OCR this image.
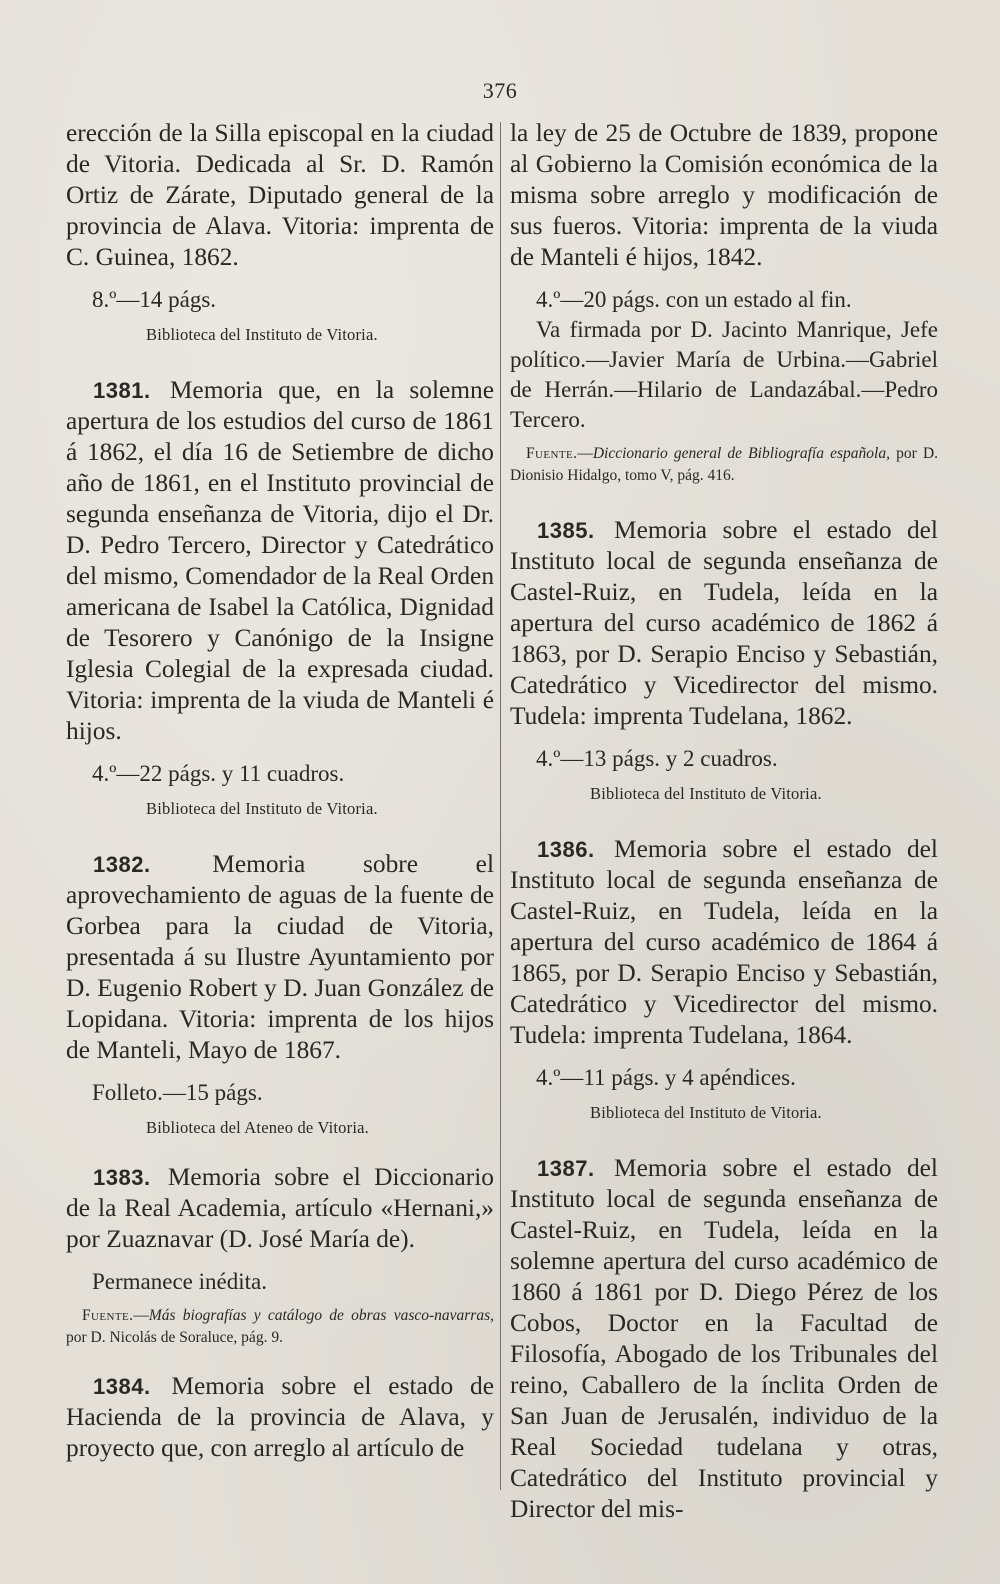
376

erección de la Silla episcopal en la ciudad de Vitoria. Dedicada al Sr. D. Ramón Ortiz de Zárate, Diputado general de la provincia de Alava. Vitoria: imprenta de C. Guinea, 1862.

8.º—14 págs.
Biblioteca del Instituto de Vitoria.

1381. Memoria que, en la solemne apertura de los estudios del curso de 1861 á 1862, el día 16 de Setiembre de dicho año de 1861, en el Instituto provincial de segunda enseñanza de Vitoria, dijo el Dr. D. Pedro Tercero, Director y Catedrático del mismo, Comendador de la Real Orden americana de Isabel la Católica, Dignidad de Tesorero y Canónigo de la Insigne Iglesia Colegial de la expresada ciudad. Vitoria: imprenta de la viuda de Manteli é hijos.

4.º—22 págs. y 11 cuadros.
Biblioteca del Instituto de Vitoria.

1382. Memoria sobre el aprovechamiento de aguas de la fuente de Gorbea para la ciudad de Vitoria, presentada á su Ilustre Ayuntamiento por D. Eugenio Robert y D. Juan González de Lopidana. Vitoria: imprenta de los hijos de Manteli, Mayo de 1867.

Folleto.—15 págs.
Biblioteca del Ateneo de Vitoria.

1383. Memoria sobre el Diccionario de la Real Academia, artículo «Hernani,» por Zuaznavar (D. José María de).

Permanece inédita.
Fuente.—Más biografías y catálogo de obras vasco-navarras, por D. Nicolás de Soraluce, pág. 9.

1384. Memoria sobre el estado de Hacienda de la provincia de Alava, y proyecto que, con arreglo al artículo de

la ley de 25 de Octubre de 1839, propone al Gobierno la Comisión económica de la misma sobre arreglo y modificación de sus fueros. Vitoria: imprenta de la viuda de Manteli é hijos, 1842.

4.º—20 págs. con un estado al fin.
Va firmada por D. Jacinto Manrique, Jefe político.—Javier María de Urbina.—Gabriel de Herrán.—Hilario de Landazábal.—Pedro Tercero.
Fuente.—Diccionario general de Bibliografía española, por D. Dionisio Hidalgo, tomo V, pág. 416.

1385. Memoria sobre el estado del Instituto local de segunda enseñanza de Castel-Ruiz, en Tudela, leída en la apertura del curso académico de 1862 á 1863, por D. Serapio Enciso y Sebastián, Catedrático y Vicedirector del mismo. Tudela: imprenta Tudelana, 1862.

4.º—13 págs. y 2 cuadros.
Biblioteca del Instituto de Vitoria.

1386. Memoria sobre el estado del Instituto local de segunda enseñanza de Castel-Ruiz, en Tudela, leída en la apertura del curso académico de 1864 á 1865, por D. Serapio Enciso y Sebastián, Catedrático y Vicedirector del mismo. Tudela: imprenta Tudelana, 1864.

4.º—11 págs. y 4 apéndices.
Biblioteca del Instituto de Vitoria.

1387. Memoria sobre el estado del Instituto local de segunda enseñanza de Castel-Ruiz, en Tudela, leída en la solemne apertura del curso académico de 1860 á 1861 por D. Diego Pérez de los Cobos, Doctor en la Facultad de Filosofía, Abogado de los Tribunales del reino, Caballero de la ínclita Orden de San Juan de Jerusalén, individuo de la Real Sociedad tudelana y otras, Catedrático del Instituto provincial y Director del mis-
